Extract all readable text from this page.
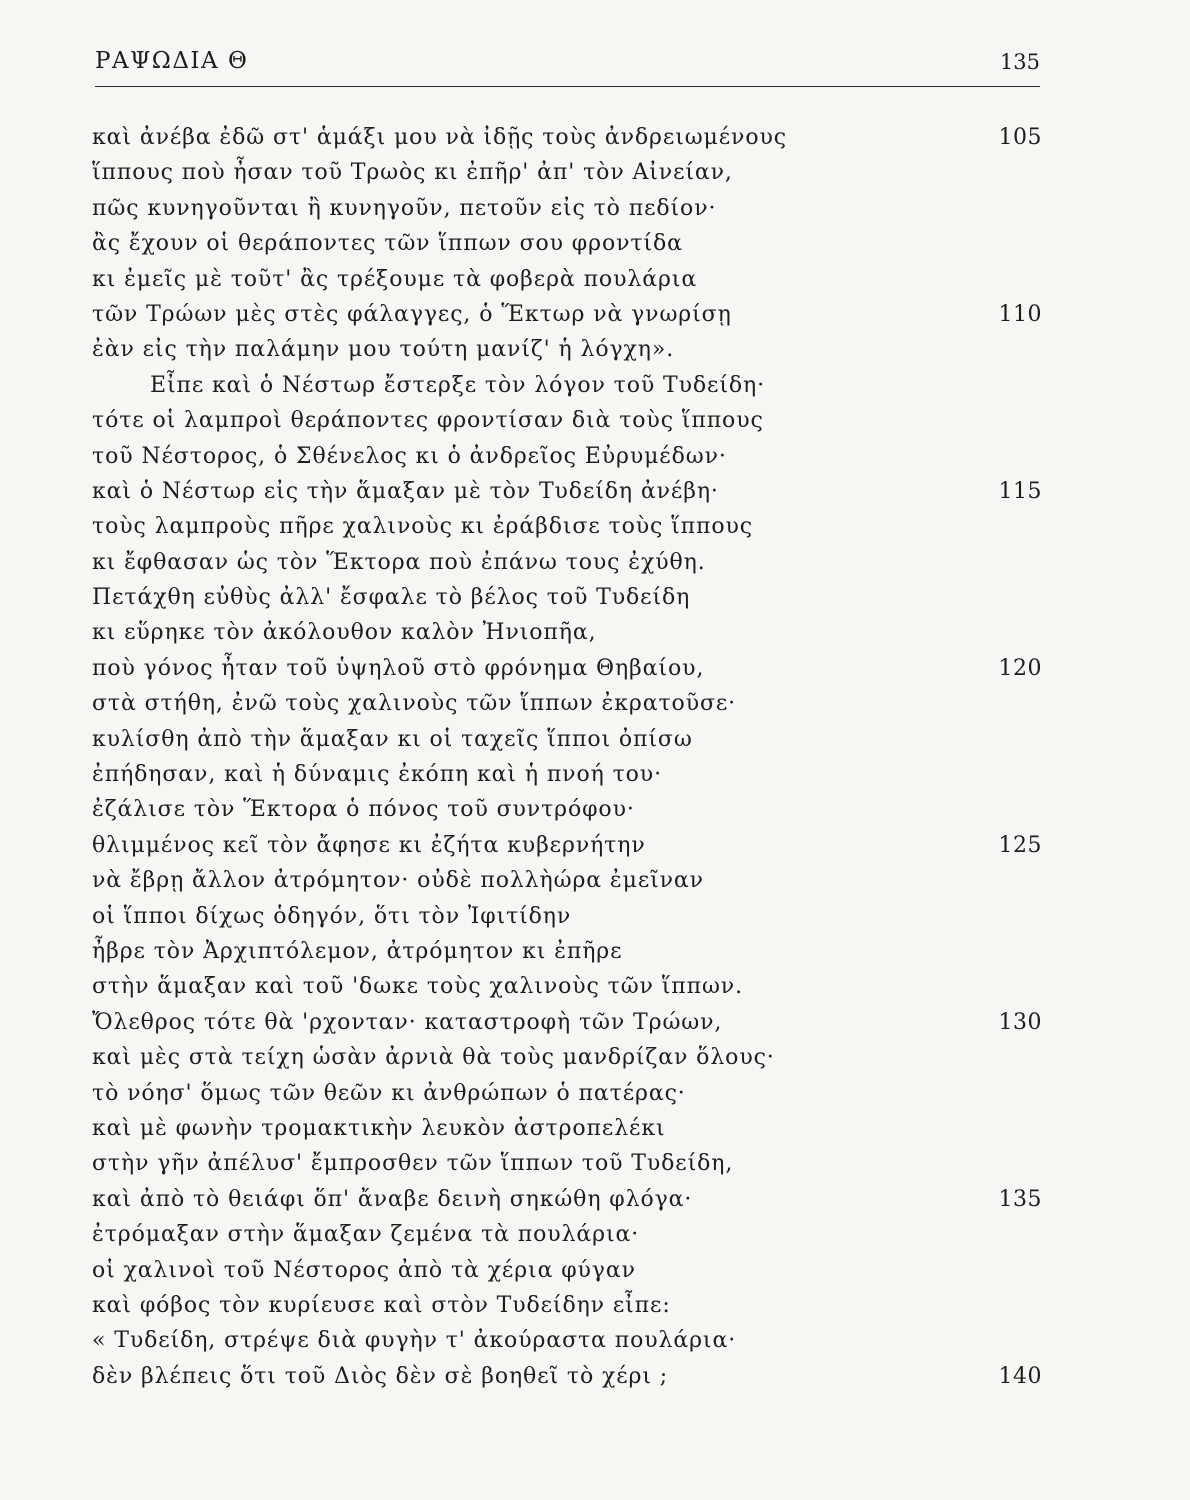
ΡΑΨΩΔΙΑ Θ	135
καὶ ἀνέβα ἐδῶ στ' ἁμάξι μου νὰ ἰδῇς τοὺς ἀνδρειωμένους	105
ἵππους ποὺ ἦσαν τοῦ Τρωὸς κι ἐπῆρ' ἀπ' τὸν Αἰνείαν,
πῶς κυνηγοῦνται ἢ κυνηγοῦν, πετοῦν εἰς τὸ πεδίον·
ἂς ἔχουν οἱ θεράποντες τῶν ἵππων σου φροντίδα
κι ἐμεῖς μὲ τοῦτ' ἂς τρέξουμε τὰ φοβερὰ πουλάρια
τῶν Τρώων μὲς στὲς φάλαγγες, ὁ Ἕκτωρ νὰ γνωρίσῃ	110
ἐὰν εἰς τὴν παλάμην μου τούτη μανίζ' ἡ λόγχη».
Εἶπε καὶ ὁ Νέστωρ ἔστερξε τὸν λόγον τοῦ Τυδείδη·
τότε οἱ λαμπροὶ θεράποντες φροντίσαν διὰ τοὺς ἵππους
τοῦ Νέστορος, ὁ Σθένελος κι ὁ ἀνδρεῖος Εὐρυμέδων·
καὶ ὁ Νέστωρ εἰς τὴν ἅμαξαν μὲ τὸν Τυδείδη ἀνέβη·	115
τοὺς λαμπροὺς πῆρε χαλινοὺς κι ἐράβδισε τοὺς ἵππους
κι ἔφθασαν ὡς τὸν Ἕκτορα ποὺ ἐπάνω τους ἐχύθη.
Πετάχθη εὐθὺς ἀλλ' ἔσφαλε τὸ βέλος τοῦ Τυδείδη
κι εὕρηκε τὸν ἀκόλουθον καλὸν Ἠνιοπῆα,
ποὺ γόνος ἦταν τοῦ ὑψηλοῦ στὸ φρόνημα Θηβαίου,	120
στὰ στήθη, ἐνῶ τοὺς χαλινοὺς τῶν ἵππων ἐκρατοῦσε·
κυλίσθη ἀπὸ τὴν ἅμαξαν κι οἱ ταχεῖς ἵπποι ὀπίσω
ἐπήδησαν, καὶ ἡ δύναμις ἐκόπη καὶ ἡ πνοή του·
ἐζάλισε τὸν Ἕκτορα ὁ πόνος τοῦ συντρόφου·
θλιμμένος κεῖ τὸν ἄφησε κι ἐζήτα κυβερνήτην	125
νὰ ἔβρῃ ἄλλον ἀτρόμητον· οὐδὲ πολλὴώρα ἐμεῖναν
οἱ ἵπποι δίχως ὁδηγόν, ὅτι τὸν Ἰφιτίδην
ἦβρε τὸν Ἀρχιπτόλεμον, ἀτρόμητον κι ἐπῆρε
στὴν ἅμαξαν καὶ τοῦ 'δωκε τοὺς χαλινοὺς τῶν ἵππων.
Ὄλεθρος τότε θὰ 'ρχονταν· καταστροφὴ τῶν Τρώων,	130
καὶ μὲς στὰ τείχη ὡσὰν ἀρνιὰ θὰ τοὺς μανδρίζαν ὅλους·
τὸ νόησ' ὅμως τῶν θεῶν κι ἀνθρώπων ὁ πατέρας·
καὶ μὲ φωνὴν τρομακτικὴν λευκὸν ἀστροπελέκι
στὴν γῆν ἀπέλυσ' ἔμπροσθεν τῶν ἵππων τοῦ Τυδείδη,
καὶ ἀπὸ τὸ θειάφι ὅπ' ἄναβε δεινὴ σηκώθη φλόγα·	135
ἐτρόμαξαν στὴν ἅμαξαν ζεμένα τὰ πουλάρια·
οἱ χαλινοὶ τοῦ Νέστορος ἀπὸ τὰ χέρια φύγαν
καὶ φόβος τὸν κυρίευσε καὶ στὸν Τυδείδην εἶπε:
« Τυδείδη, στρέψε διὰ φυγὴν τ' ἀκούραστα πουλάρια·
δὲν βλέπεις ὅτι τοῦ Διὸς δὲν σὲ βοηθεῖ τὸ χέρι ;	140
